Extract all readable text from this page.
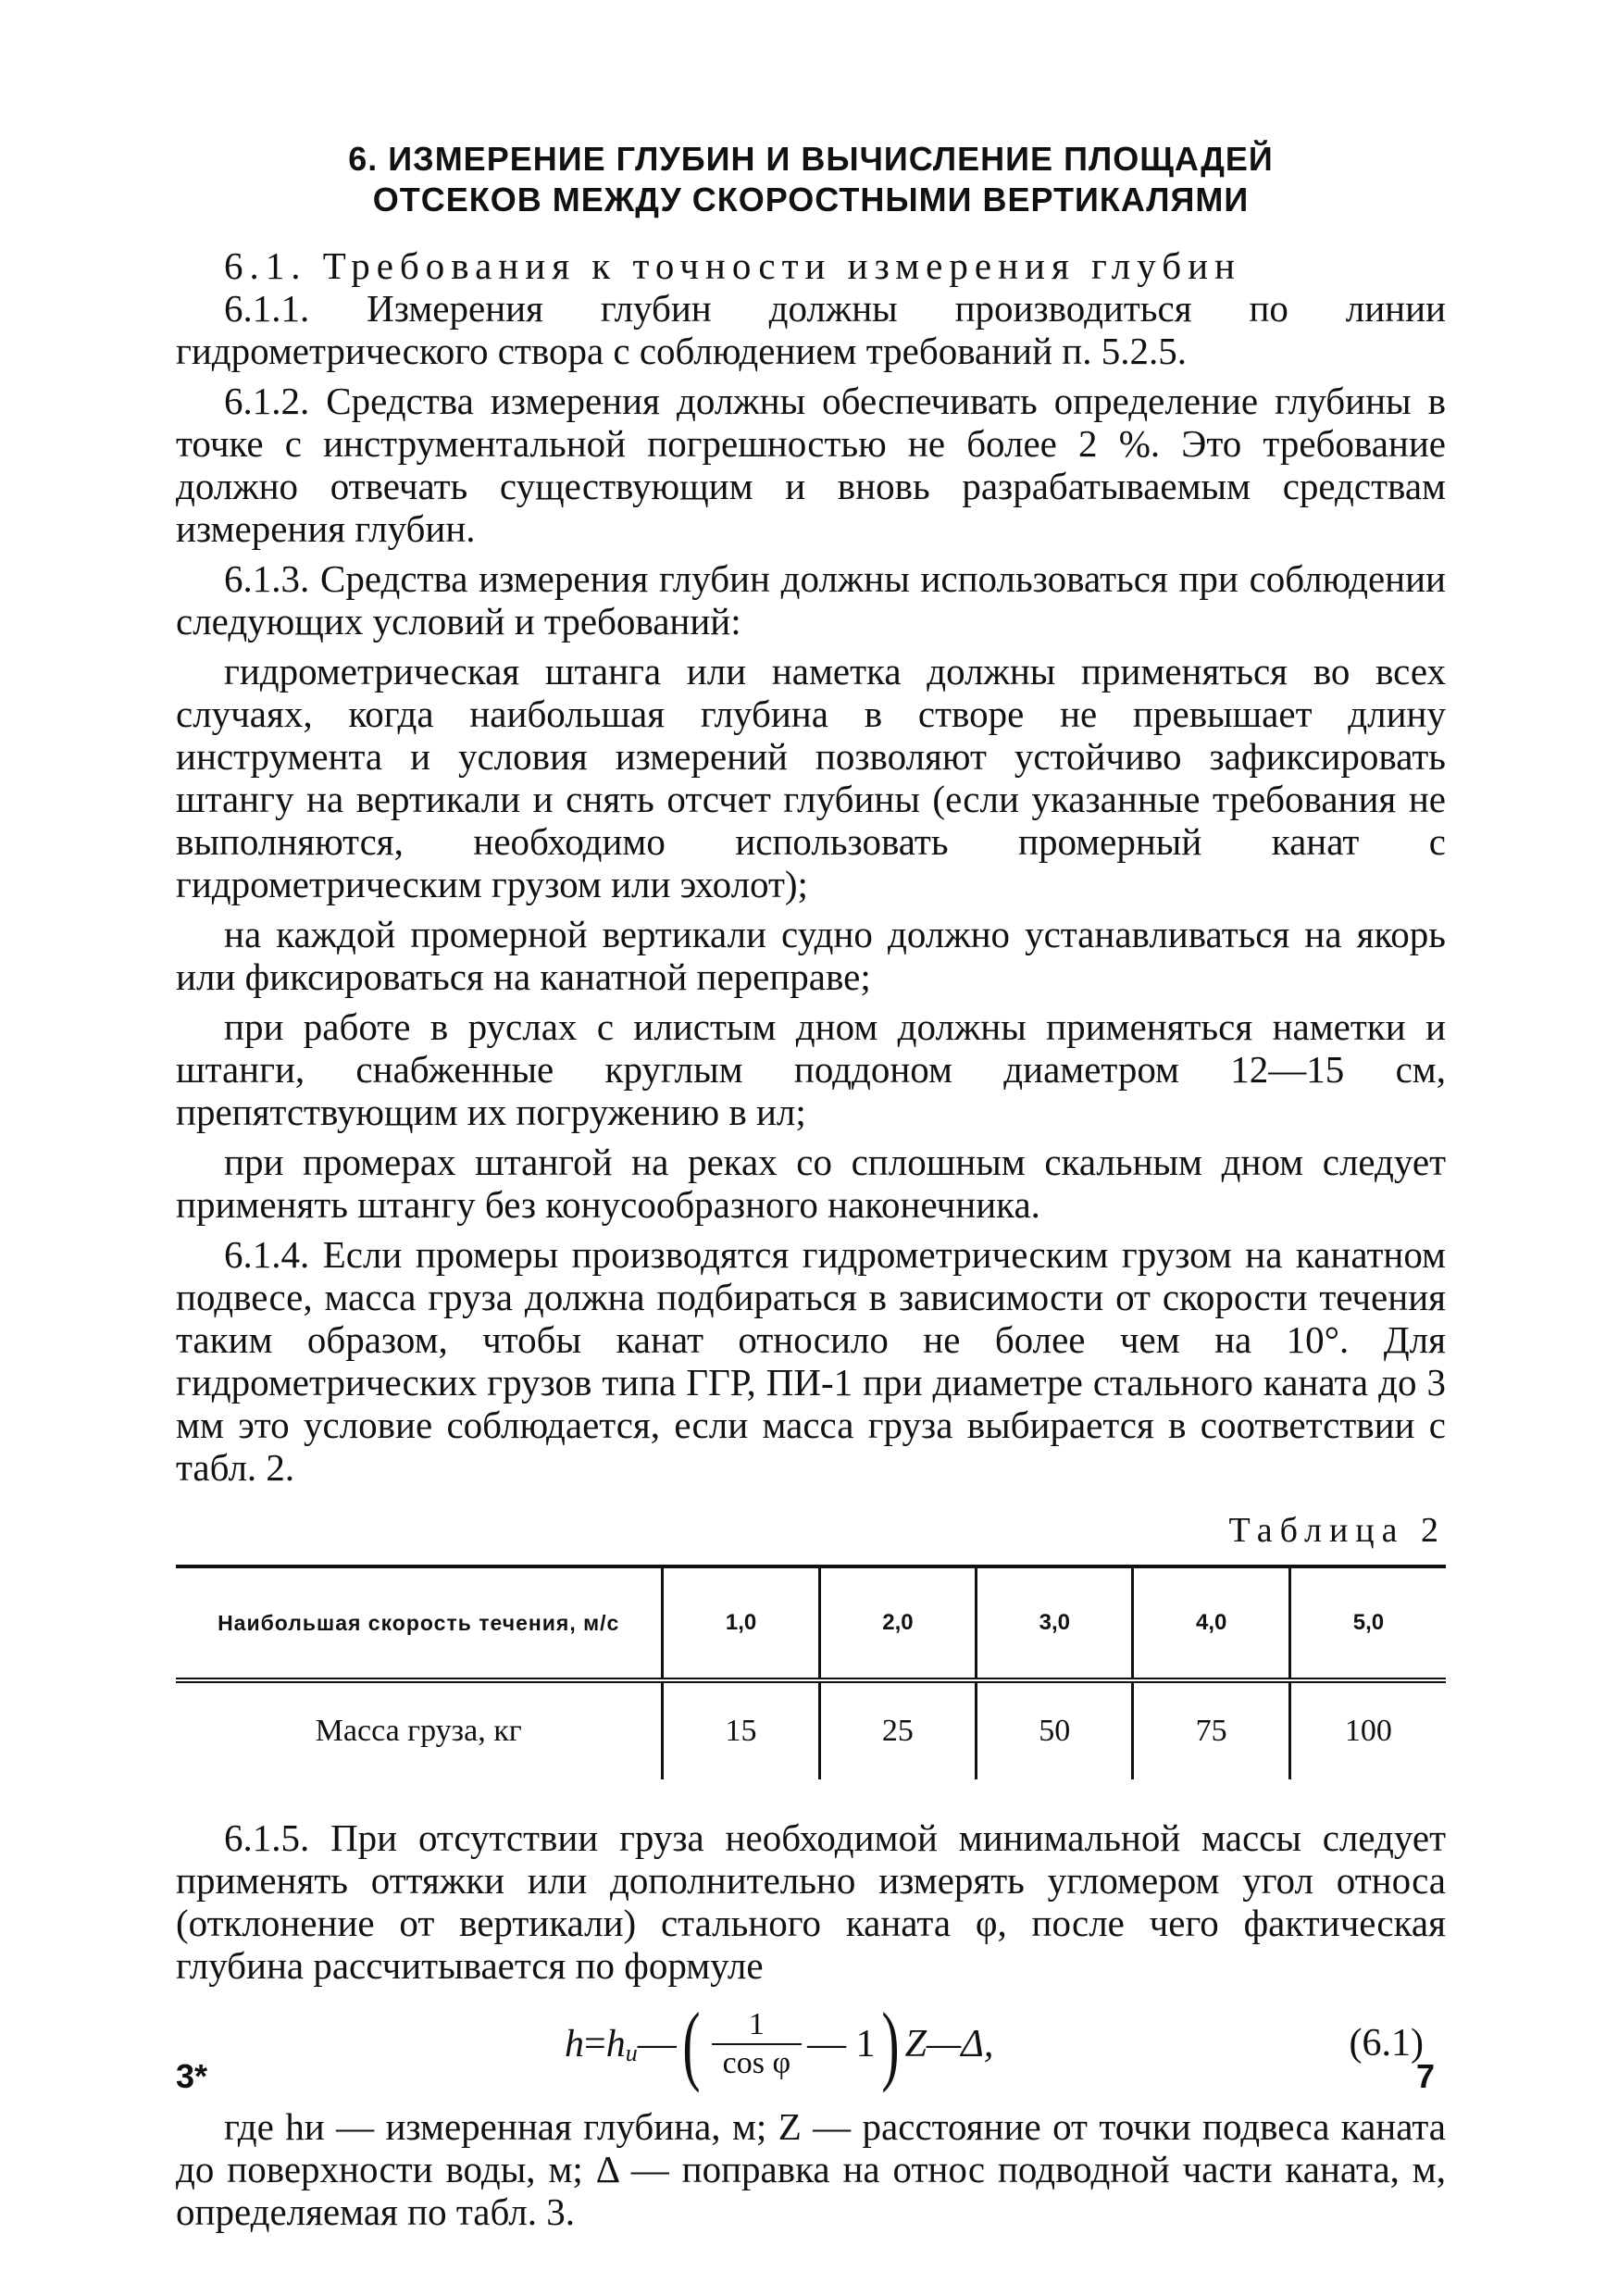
6. ИЗМЕРЕНИЕ ГЛУБИН И ВЫЧИСЛЕНИЕ ПЛОЩАДЕЙ
ОТСЕКОВ МЕЖДУ СКОРОСТНЫМИ ВЕРТИКАЛЯМИ
6.1. Требования к точности измерения глубин

6.1.1. Измерения глубин должны производиться по линии гидрометрического створа с соблюдением требований п. 5.2.5.

6.1.2. Средства измерения должны обеспечивать определение глубины в точке с инструментальной погрешностью не более 2 %. Это требование должно отвечать существующим и вновь разрабатываемым средствам измерения глубин.

6.1.3. Средства измерения глубин должны использоваться при соблюдении следующих условий и требований:

гидрометрическая штанга или наметка должны применяться во всех случаях, когда наибольшая глубина в створе не превышает длину инструмента и условия измерений позволяют устойчиво зафиксировать штангу на вертикали и снять отсчет глубины (если указанные требования не выполняются, необходимо использовать промерный канат с гидрометрическим грузом или эхолот);

на каждой промерной вертикали судно должно устанавливаться на якорь или фиксироваться на канатной переправе;

при работе в руслах с илистым дном должны применяться наметки и штанги, снабженные круглым поддоном диаметром 12—15 см, препятствующим их погружению в ил;

при промерах штангой на реках со сплошным скальным дном следует применять штангу без конусообразного наконечника.

6.1.4. Если промеры производятся гидрометрическим грузом на канатном подвесе, масса груза должна подбираться в зависимости от скорости течения таким образом, чтобы канат относило не более чем на 10°. Для гидрометрических грузов типа ГГР, ПИ-1 при диаметре стального каната до 3 мм это условие соблюдается, если масса груза выбирается в соответствии с табл. 2.

Таблица 2
Наибольшая скорость течения, м/с	1,0	2,0	3,0	4,0	5,0
Масса груза, кг	15	25	50	75	100

6.1.5. При отсутствии груза необходимой минимальной массы следует применять оттяжки или дополнительно измерять угломером угол относа (отклонение от вертикали) стального каната φ, после чего фактическая глубина рассчитывается по формуле

h = h и — ( $\frac{1}{\text{cos φ}}$ — 1 ) Z—Δ,	(6.1)

где hи — измеренная глубина, м; Z — расстояние от точки подвеса каната до поверхности воды, м; Δ — поправка на относ подводной части каната, м, определяемая по табл. 3.

3*	7
